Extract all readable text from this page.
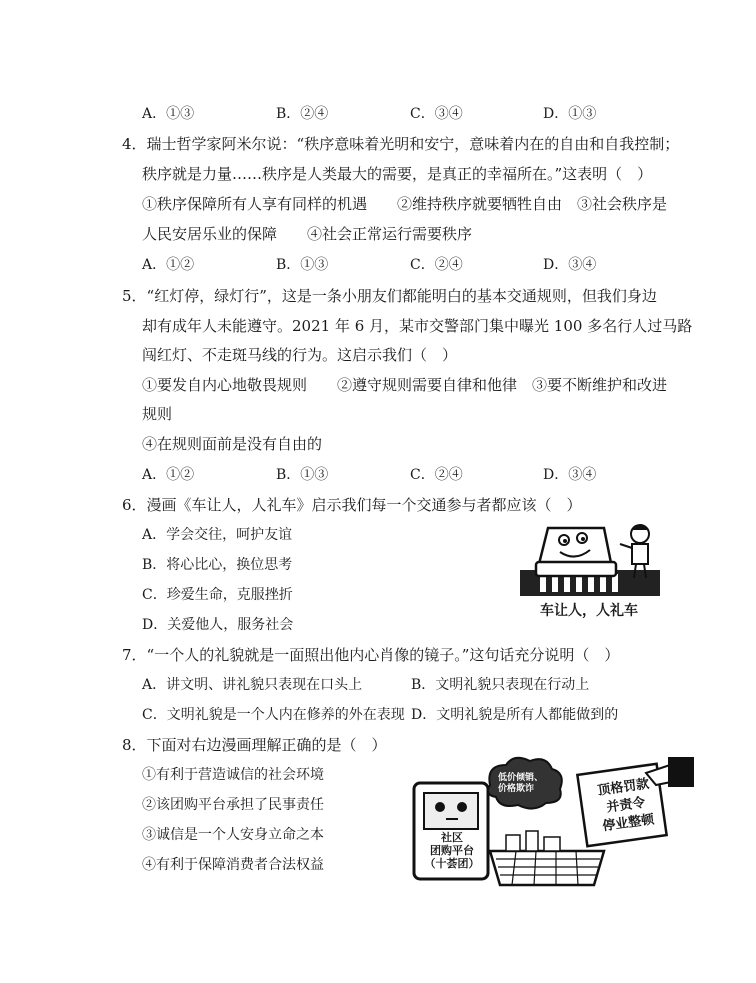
A．①③	B．②④	C．③④	D．①③
4．瑞士哲学家阿米尔说：“秩序意味着光明和安宁，意味着内在的自由和自我控制；
秩序就是力量……秩序是人类最大的需要，是真正的幸福所在。”这表明（　）
①秩序保障所有人享有同样的机遇　　②维持秩序就要牺牲自由　③社会秩序是
人民安居乐业的保障　　④社会正常运行需要秩序
A．①②	B．①③	C．②④	D．③④
5．“红灯停，绿灯行”，这是一条小朋友们都能明白的基本交通规则，但我们身边
却有成年人未能遵守。2021 年 6 月，某市交警部门集中曝光 100 多名行人过马路
闯红灯、不走斑马线的行为。这启示我们（　）
①要发自内心地敬畏规则　　②遵守规则需要自律和他律　③要不断维护和改进
规则
④在规则面前是没有自由的
A．①②	B．①③	C．②④	D．③④
6．漫画《车让人，人礼车》启示我们每一个交通参与者都应该（　）
A．学会交往，呵护友谊
B．将心比心，换位思考
C．珍爱生命，克服挫折
D．关爱他人，服务社会
车让人，人礼车
7．“一个人的礼貌就是一面照出他内心肖像的镜子。”这句话充分说明（　）
A．讲文明、讲礼貌只表现在口头上	B．文明礼貌只表现在行动上
C．文明礼貌是一个人内在修养的外在表现 D．文明礼貌是所有人都能做到的
8．下面对右边漫画理解正确的是（　）
①有利于营造诚信的社会环境
②该团购平台承担了民事责任
③诚信是一个人安身立命之本
④有利于保障消费者合法权益
社区
团购平台
（十荟团）
低价倾销、
价格欺诈	顶格罚款
并责令
停业整顿
